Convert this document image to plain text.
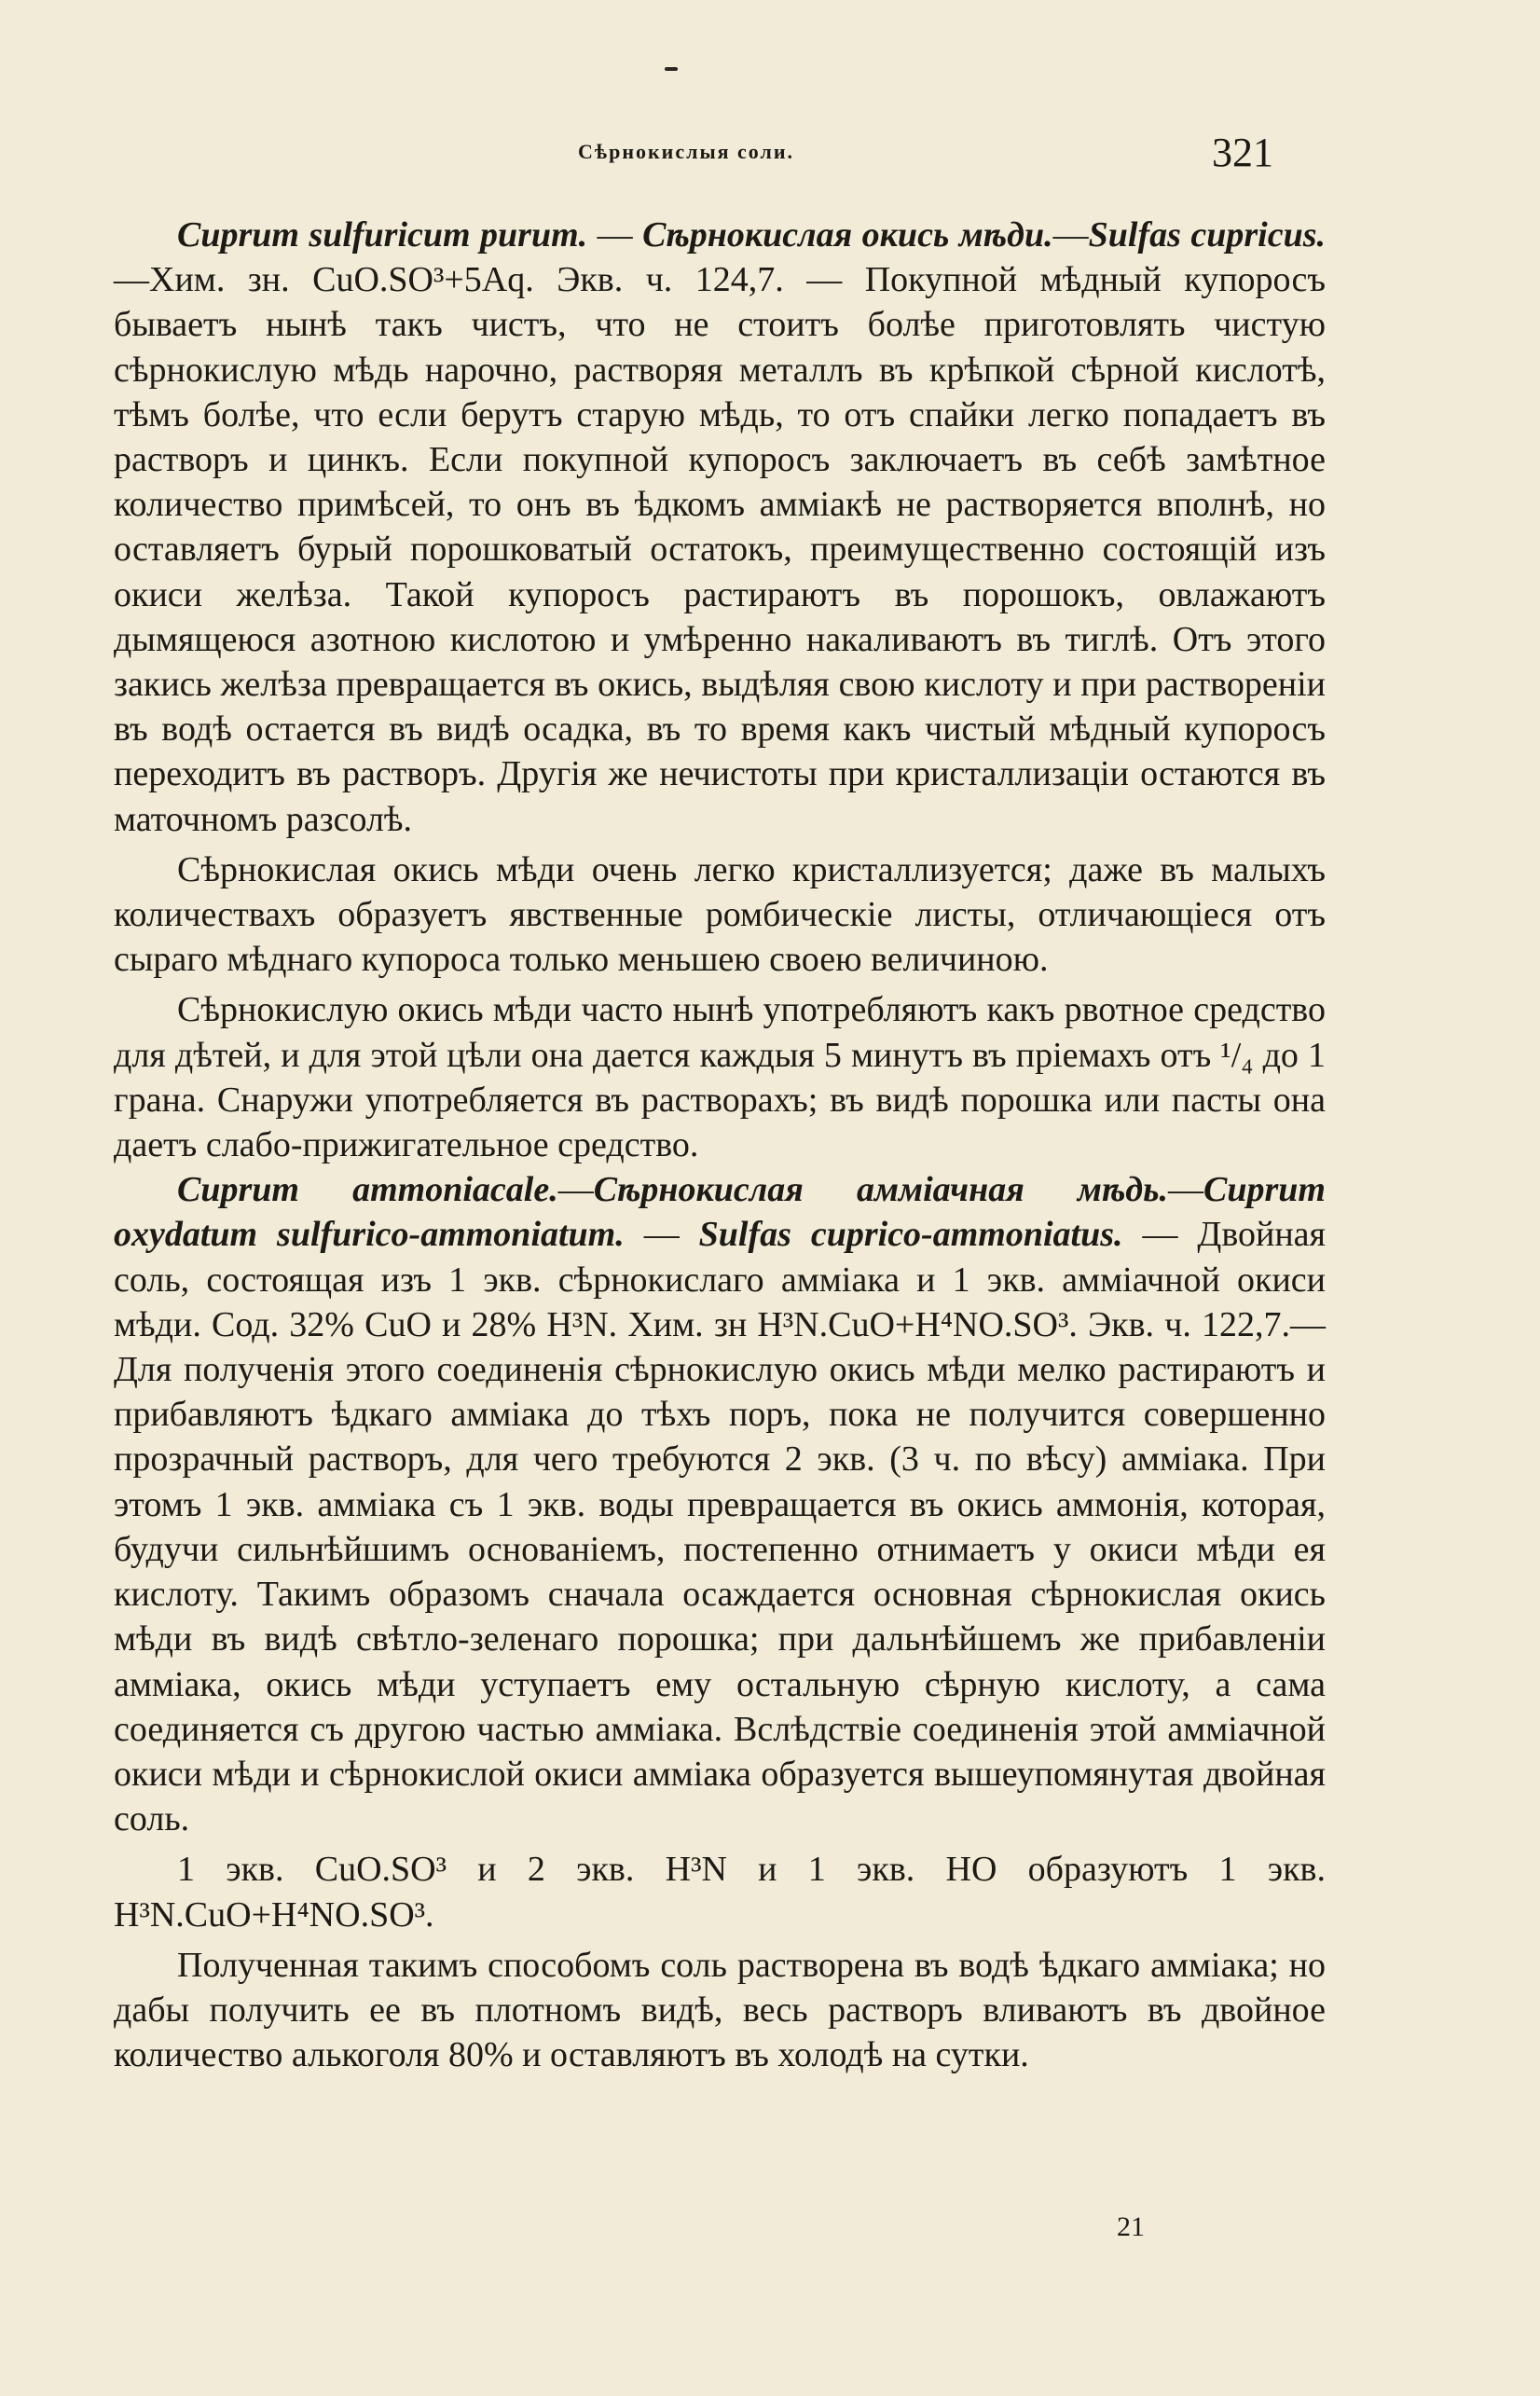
Сѣрнокислыя соли.	321

Cuprum sulfuricum purum. — Сѣрнокислая окись мѣди.—Sulfas cupricus.—Хим. зн. CuO.SO³+5Aq. Экв. ч. 124,7. — Покупной мѣдный купоросъ бываетъ нынѣ такъ чистъ, что не стоитъ болѣе приготовлять чистую сѣрнокислую мѣдь нарочно, растворяя металлъ въ крѣпкой сѣрной кислотѣ, тѣмъ болѣе, что если берутъ старую мѣдь, то отъ спайки легко попадаетъ въ растворъ и цинкъ. Если покупной купоросъ заключаетъ въ себѣ замѣтное количество примѣсей, то онъ въ ѣдкомъ амміакѣ не растворяется вполнѣ, но оставляетъ бурый порошковатый остатокъ, преимущественно состоящій изъ окиси желѣза. Такой купоросъ растираютъ въ порошокъ, овлажаютъ дымящеюся азотною кислотою и умѣренно накаливаютъ въ тиглѣ. Отъ этого закись желѣза превращается въ окись, выдѣляя свою кислоту и при раствореніи въ водѣ остается въ видѣ осадка, въ то время какъ чистый мѣдный купоросъ переходитъ въ растворъ. Другія же нечистоты при кристаллизаціи остаются въ маточномъ разсолѣ.

Сѣрнокислая окись мѣди очень легко кристаллизуется; даже въ малыхъ количествахъ образуетъ явственные ромбическіе листы, отличающіеся отъ сыраго мѣднаго купороса только меньшею своею величиною.

Сѣрнокислую окись мѣди часто нынѣ употребляютъ какъ рвотное средство для дѣтей, и для этой цѣли она дается каждыя 5 минутъ въ пріемахъ отъ ¹/₄ до 1 грана. Снаружи употребляется въ растворахъ; въ видѣ порошка или пасты она даетъ слабо-прижигательное средство.

Cuprum ammoniacale.—Сѣрнокислая амміачная мѣдь.—Cuprum oxydatum sulfurico-ammoniatum. — Sulfas cuprico-ammoniatus. — Двойная соль, состоящая изъ 1 экв. сѣрнокислаго амміака и 1 экв. амміачной окиси мѣди. Сод. 32% CuO и 28% H³N. Хим. зн H³N.CuO+H⁴NO.SO³. Экв. ч. 122,7.—Для полученія этого соединенія сѣрнокислую окись мѣди мелко растираютъ и прибавляютъ ѣдкаго амміака до тѣхъ поръ, пока не получится совершенно прозрачный растворъ, для чего требуются 2 экв. (3 ч. по вѣсу) амміака. При этомъ 1 экв. амміака съ 1 экв. воды превращается въ окись аммонія, которая, будучи сильнѣйшимъ основаніемъ, постепенно отнимаетъ у окиси мѣди ея кислоту. Такимъ образомъ сначала осаждается основная сѣрнокислая окись мѣди въ видѣ свѣтло-зеленаго порошка; при дальнѣйшемъ же прибавленіи амміака, окись мѣди уступаетъ ему остальную сѣрную кислоту, а сама соединяется съ другою частью амміака. Вслѣдствіе соединенія этой амміачной окиси мѣди и сѣрнокислой окиси амміака образуется вышеупомянутая двойная соль.

1 экв. CuO.SO³ и 2 экв. H³N и 1 экв. HO образуютъ 1 экв. H³N.CuO+H⁴NO.SO³.

Полученная такимъ способомъ соль растворена въ водѣ ѣдкаго амміака; но дабы получить ее въ плотномъ видѣ, весь растворъ вливаютъ въ двойное количество алькоголя 80% и оставляютъ въ холодѣ на сутки.

21
